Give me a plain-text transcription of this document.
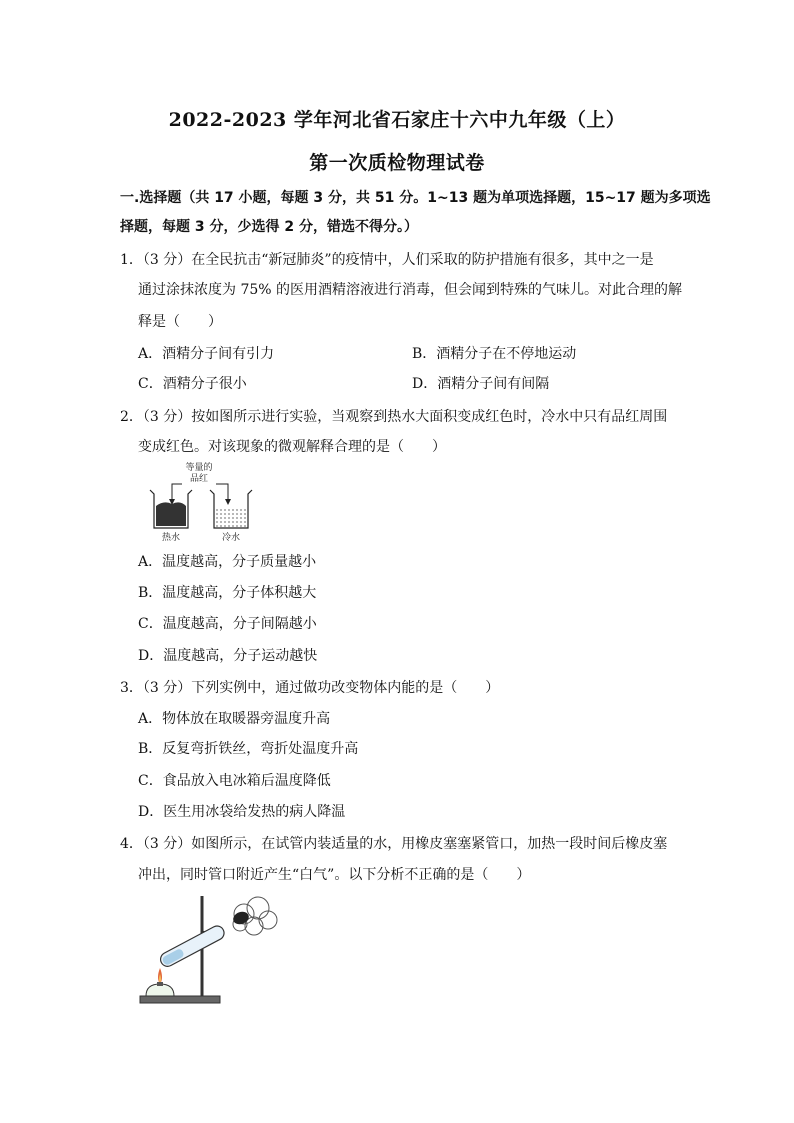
2022-2023 学年河北省石家庄十六中九年级（上）
第一次质检物理试卷
一.选择题（共 17 小题，每题 3 分，共 51 分。1~13 题为单项选择题，15~17 题为多项选
择题，每题 3 分，少选得 2 分，错选不得分。）
1．（3 分）在全民抗击“新冠肺炎”的疫情中，人们采取的防护措施有很多，其中之一是
通过涂抹浓度为 75% 的医用酒精溶液进行消毒，但会闻到特殊的气味儿。对此合理的解
释是（　　）
A．酒精分子间有引力	B．酒精分子在不停地运动
C．酒精分子很小	D．酒精分子间有间隔
2．（3 分）按如图所示进行实验，当观察到热水大面积变成红色时，冷水中只有品红周围
变成红色。对该现象的微观解释合理的是（　　）
等量的
品红
热水	冷水
A．温度越高，分子质量越小
B．温度越高，分子体积越大
C．温度越高，分子间隔越小
D．温度越高，分子运动越快
3．（3 分）下列实例中，通过做功改变物体内能的是（　　）
A．物体放在取暖器旁温度升高
B．反复弯折铁丝，弯折处温度升高
C．食品放入电冰箱后温度降低
D．医生用冰袋给发热的病人降温
4．（3 分）如图所示，在试管内装适量的水，用橡皮塞塞紧管口，加热一段时间后橡皮塞
冲出，同时管口附近产生“白气”。以下分析不正确的是（　　）
